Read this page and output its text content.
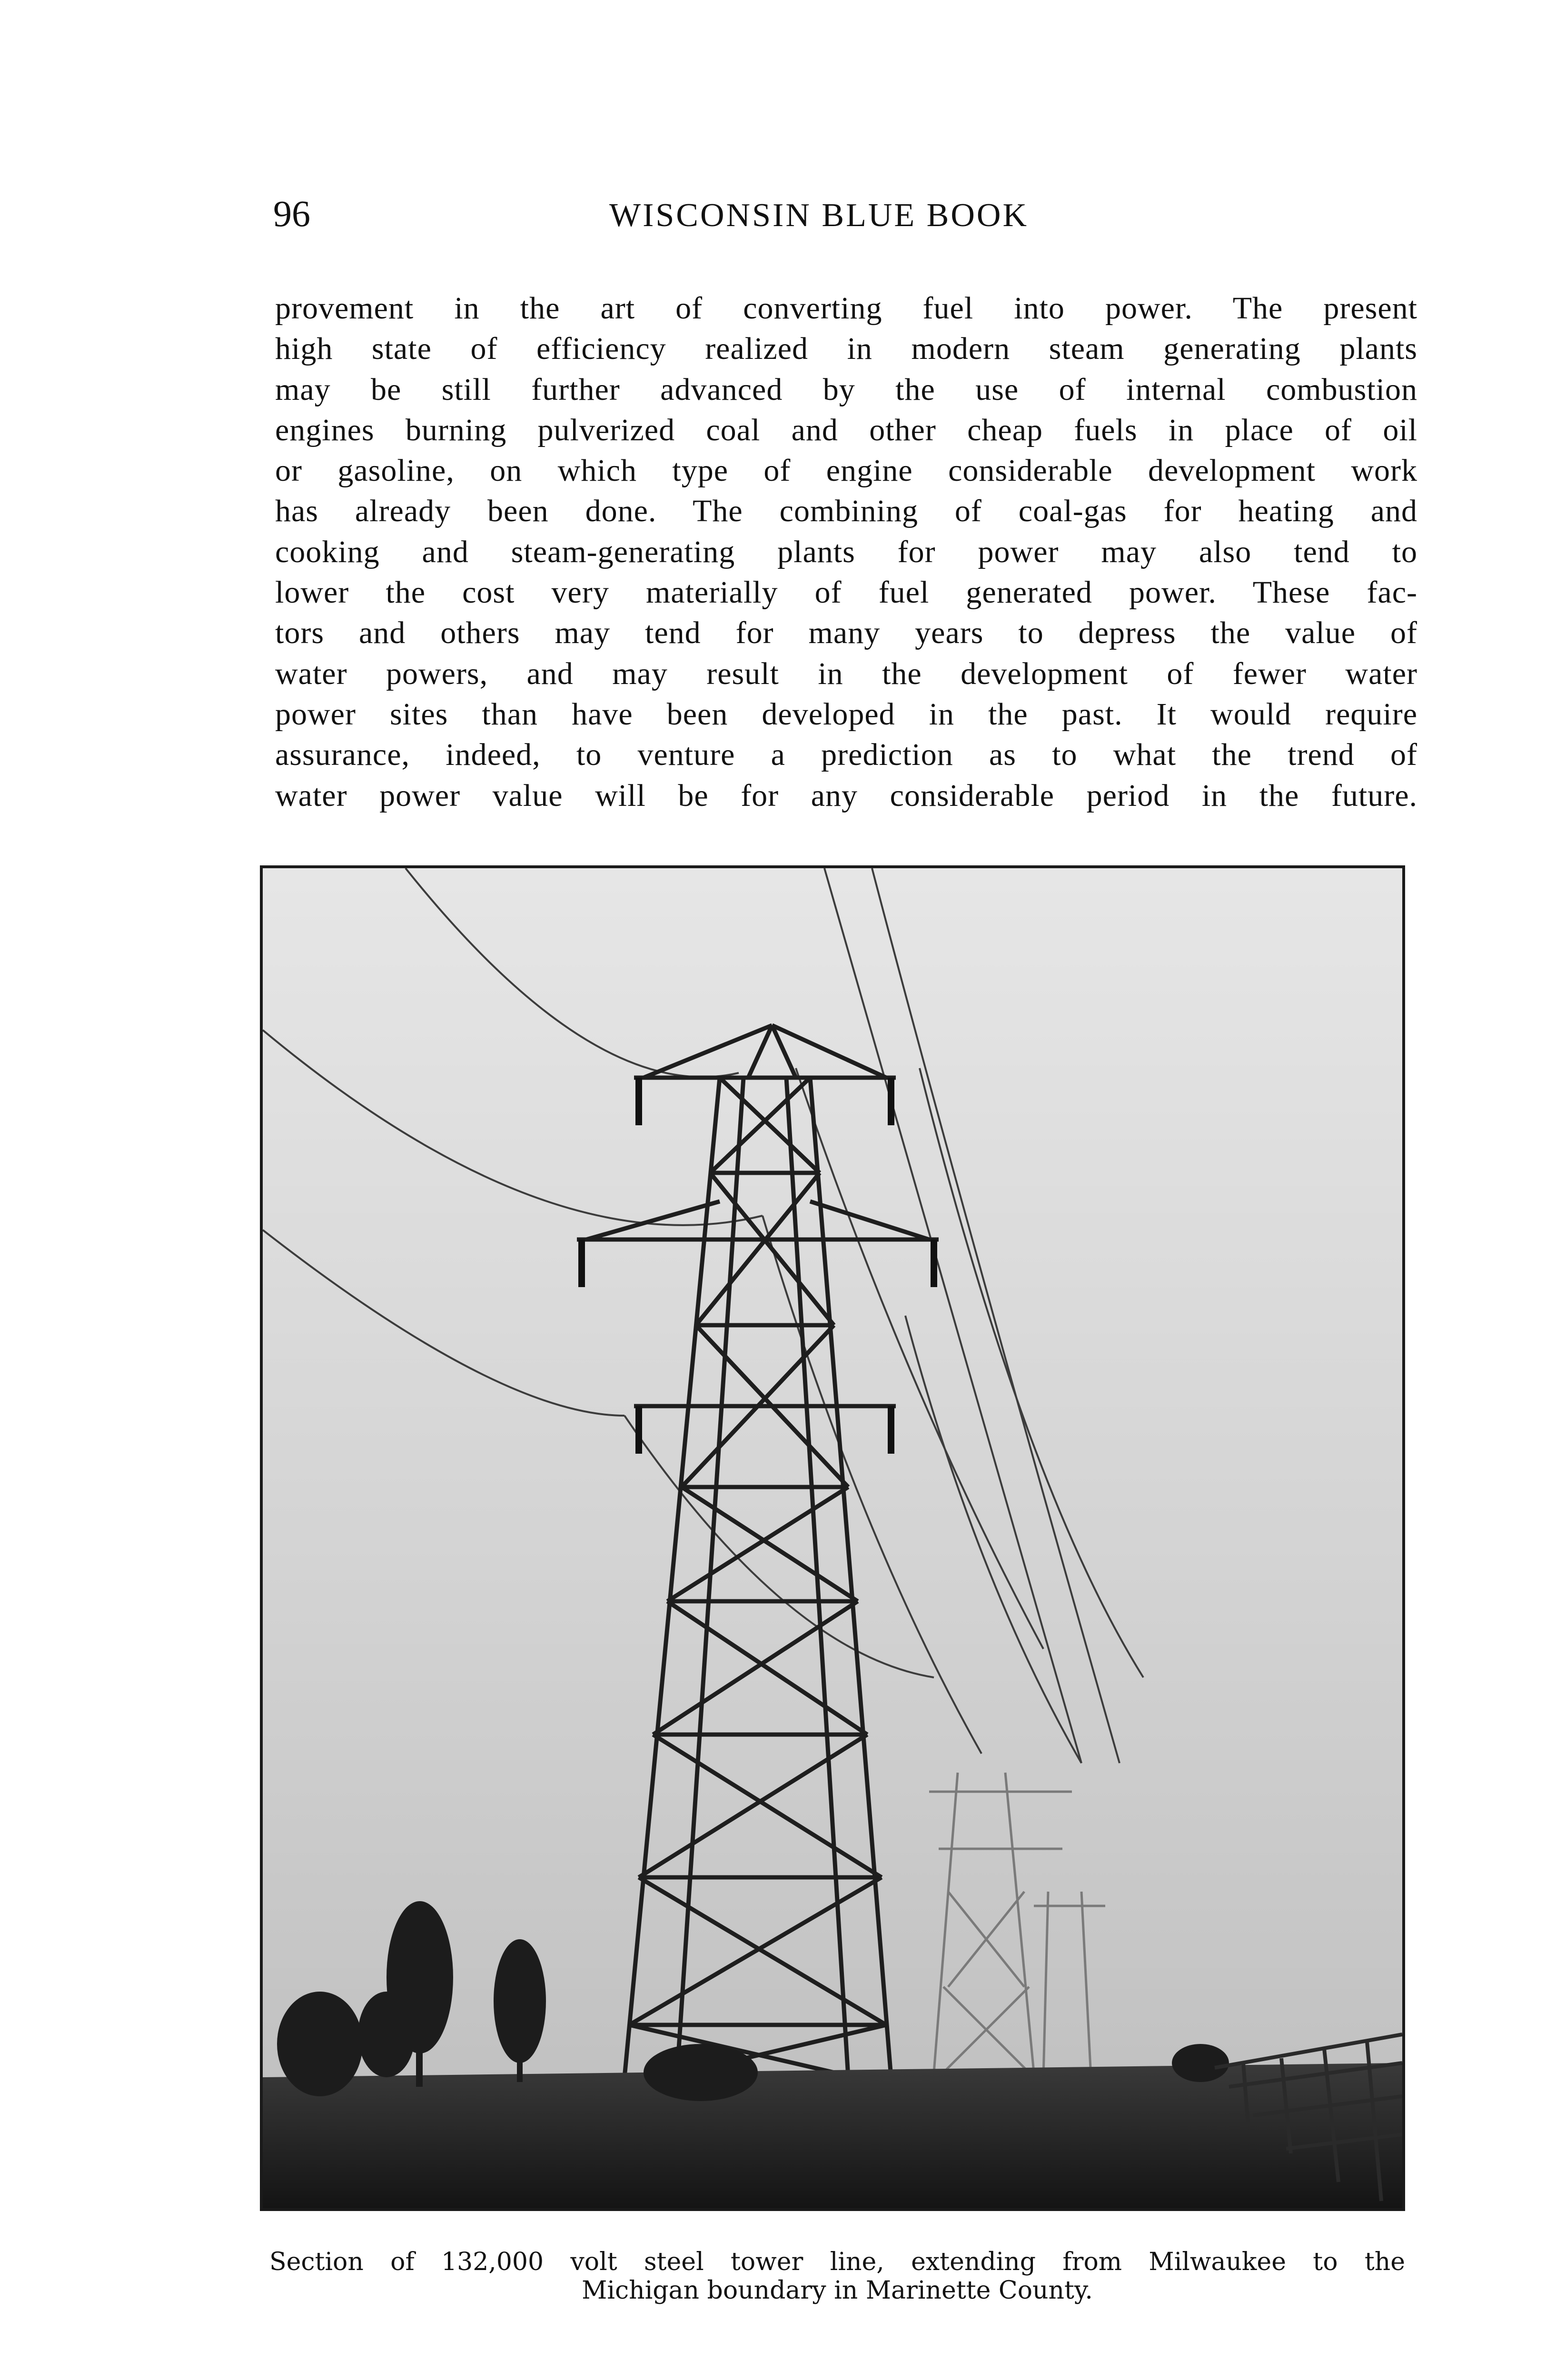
96	WISCONSIN BLUE BOOK
provement in the art of converting fuel into power. The present
high state of efficiency realized in modern steam generating plants
may be still further advanced by the use of internal combustion
engines burning pulverized coal and other cheap fuels in place of oil
or gasoline, on which type of engine considerable development work
has already been done. The combining of coal-gas for heating and
cooking and steam-generating plants for power may also tend to
lower the cost very materially of fuel generated power. These fac-
tors and others may tend for many years to depress the value of
water powers, and may result in the development of fewer water
power sites than have been developed in the past. It would require
assurance, indeed, to venture a prediction as to what the trend of
water power value will be for any considerable period in the future.
Section of 132,000 volt steel tower line, extending from Milwaukee to the
Michigan boundary in Marinette County.
